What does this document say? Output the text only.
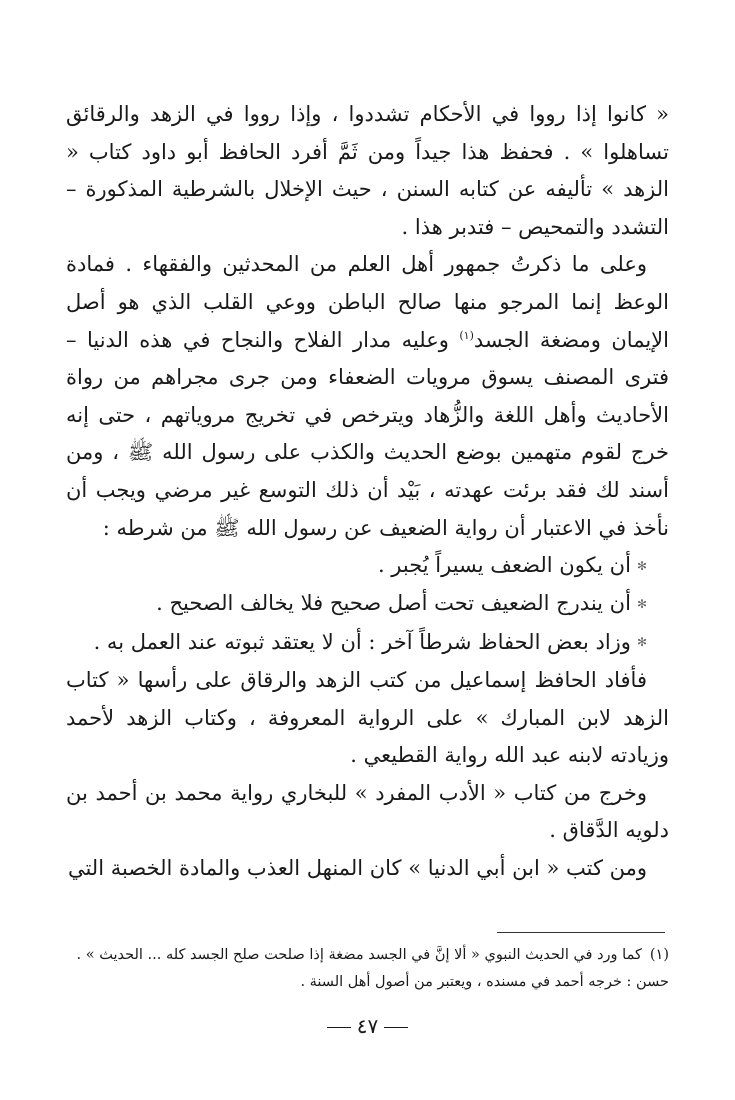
« كانوا إذا رووا في الأحكام تشددوا ، وإذا رووا في الزهد والرقائق تساهلوا » . فحفظ هذا جيداً ومن ثَمَّ أفرد الحافظ أبو داود كتاب « الزهد » تأليفه عن كتابه السنن ، حيث الإخلال بالشرطية المذكورة – التشدد والتمحيص – فتدبر هذا .

وعلى ما ذكرتُ جمهور أهل العلم من المحدثين والفقهاء . فمادة الوعظ إنما المرجو منها صالح الباطن ووعي القلب الذي هو أصل الإيمان ومضغة الجسد$^{(١)}$ وعليه مدار الفلاح والنجاح في هذه الدنيا – فترى المصنف يسوق مرويات الضعفاء ومن جرى مجراهم من رواة الأحاديث وأهل اللغة والزُّهاد ويترخص في تخريج مروياتهم ، حتى إنه خرج لقوم متهمين بوضع الحديث والكذب على رسول الله ﷺ ، ومن أسند لك فقد برئت عهدته ، بَيْد أن ذلك التوسع غير مرضي ويجب أن نأخذ في الاعتبار أن رواية الضعيف عن رسول الله ﷺ من شرطه :

✻أن يكون الضعف يسيراً يُجبر .

✻أن يندرج الضعيف تحت أصل صحيح فلا يخالف الصحيح .

✻وزاد بعض الحفاظ شرطاً آخر : أن لا يعتقد ثبوته عند العمل به .

فأفاد الحافظ إسماعيل من كتب الزهد والرقاق على رأسها « كتاب الزهد لابن المبارك » على الرواية المعروفة ، وكتاب الزهد لأحمد وزيادته لابنه عبد الله رواية القطيعي .

وخرج من كتاب « الأدب المفرد » للبخاري رواية محمد بن أحمد بن دلويه الدَّقاق .

ومن كتب « ابن أبي الدنيا » كان المنهل العذب والمادة الخصبة التي

(١)كما ورد في الحديث النبوي « ألا إنَّ في الجسد مضغة إذا صلحت صلح الجسد كله ... الحديث » .

حسن : خرجه أحمد في مسنده ، ويعتبر من أصول أهل السنة .

٤٧
